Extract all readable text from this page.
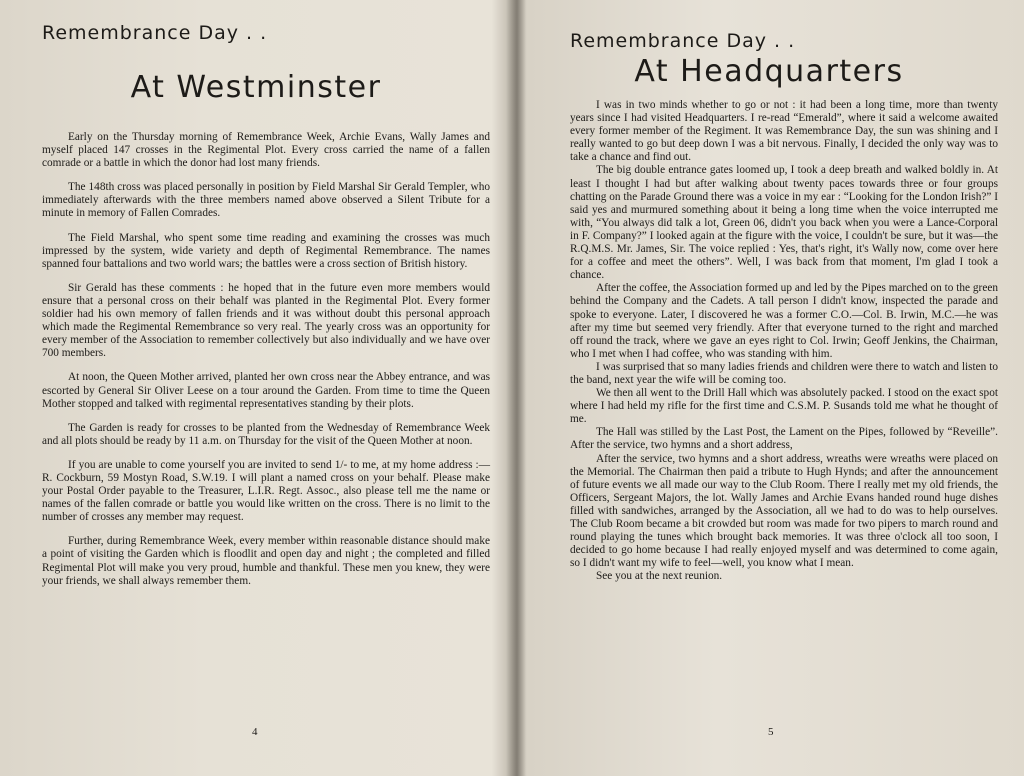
Remembrance Day . .
At Westminster

Early on the Thursday morning of Remembrance Week, Archie Evans, Wally James and myself placed 147 crosses in the Regimental Plot. Every cross carried the name of a fallen comrade or a battle in which the donor had lost many friends.

The 148th cross was placed personally in position by Field Marshal Sir Gerald Templer, who immediately afterwards with the three members named above observed a Silent Tribute for a minute in memory of Fallen Comrades.

The Field Marshal, who spent some time reading and examining the crosses was much impressed by the system, wide variety and depth of Regimental Remembrance. The names spanned four battalions and two world wars; the battles were a cross section of British history.

Sir Gerald has these comments : he hoped that in the future even more members would ensure that a personal cross on their behalf was planted in the Regimental Plot. Every former soldier had his own memory of fallen friends and it was without doubt this personal approach which made the Regimental Remembrance so very real. The yearly cross was an opportunity for every member of the Association to remember collectively but also individually and we have over 700 members.

At noon, the Queen Mother arrived, planted her own cross near the Abbey entrance, and was escorted by General Sir Oliver Leese on a tour around the Garden. From time to time the Queen Mother stopped and talked with regimental representatives standing by their plots.

The Garden is ready for crosses to be planted from the Wednesday of Remembrance Week and all plots should be ready by 11 a.m. on Thursday for the visit of the Queen Mother at noon.

If you are unable to come yourself you are invited to send 1/- to me, at my home address :— R. Cockburn, 59 Mostyn Road, S.W.19. I will plant a named cross on your behalf. Please make your Postal Order payable to the Treasurer, L.I.R. Regt. Assoc., also please tell me the name or names of the fallen comrade or battle you would like written on the cross. There is no limit to the number of crosses any member may request.

Further, during Remembrance Week, every member within reasonable distance should make a point of visiting the Garden which is floodlit and open day and night ; the completed and filled Regimental Plot will make you very proud, humble and thankful. These men you knew, they were your friends, we shall always remember them.

4
Remembrance Day . .
At Headquarters

I was in two minds whether to go or not : it had been a long time, more than twenty years since I had visited Headquarters. I re-read “Emerald”, where it said a welcome awaited every former member of the Regiment. It was Remembrance Day, the sun was shining and I really wanted to go but deep down I was a bit nervous. Finally, I decided the only way was to take a chance and find out.

The big double entrance gates loomed up, I took a deep breath and walked boldly in. At least I thought I had but after walking about twenty paces towards three or four groups chatting on the Parade Ground there was a voice in my ear : “Looking for the London Irish?” I said yes and murmured something about it being a long time when the voice interrupted me with, “You always did talk a lot, Green 06, didn't you back when you were a Lance-Corporal in F. Company?” I looked again at the figure with the voice, I couldn't be sure, but it was—the R.Q.M.S. Mr. James, Sir. The voice replied : Yes, that's right, it's Wally now, come over here for a coffee and meet the others”. Well, I was back from that moment, I'm glad I took a chance.

After the coffee, the Association formed up and led by the Pipes marched on to the green behind the Company and the Cadets. A tall person I didn't know, inspected the parade and spoke to everyone. Later, I discovered he was a former C.O.—Col. B. Irwin, M.C.—he was after my time but seemed very friendly. After that everyone turned to the right and marched off round the track, where we gave an eyes right to Col. Irwin; Geoff Jenkins, the Chairman, who I met when I had coffee, who was standing with him.

I was surprised that so many ladies friends and children were there to watch and listen to the band, next year the wife will be coming too.

We then all went to the Drill Hall which was absolutely packed. I stood on the exact spot where I had held my rifle for the first time and C.S.M. P. Susands told me what he thought of me.

The Hall was stilled by the Last Post, the Lament on the Pipes, followed by “Reveille”. After the service, two hymns and a short address,

After the service, two hymns and a short address, wreaths were wreaths were placed on the Memorial. The Chairman then paid a tribute to Hugh Hynds; and after the announcement of future events we all made our way to the Club Room. There I really met my old friends, the Officers, Sergeant Majors, the lot. Wally James and Archie Evans handed round huge dishes filled with sandwiches, arranged by the Association, all we had to do was to help ourselves. The Club Room became a bit crowded but room was made for two pipers to march round and round playing the tunes which brought back memories. It was three o'clock all too soon, I decided to go home because I had really enjoyed myself and was determined to come again, so I didn't want my wife to feel—well, you know what I mean.

See you at the next reunion.

5
